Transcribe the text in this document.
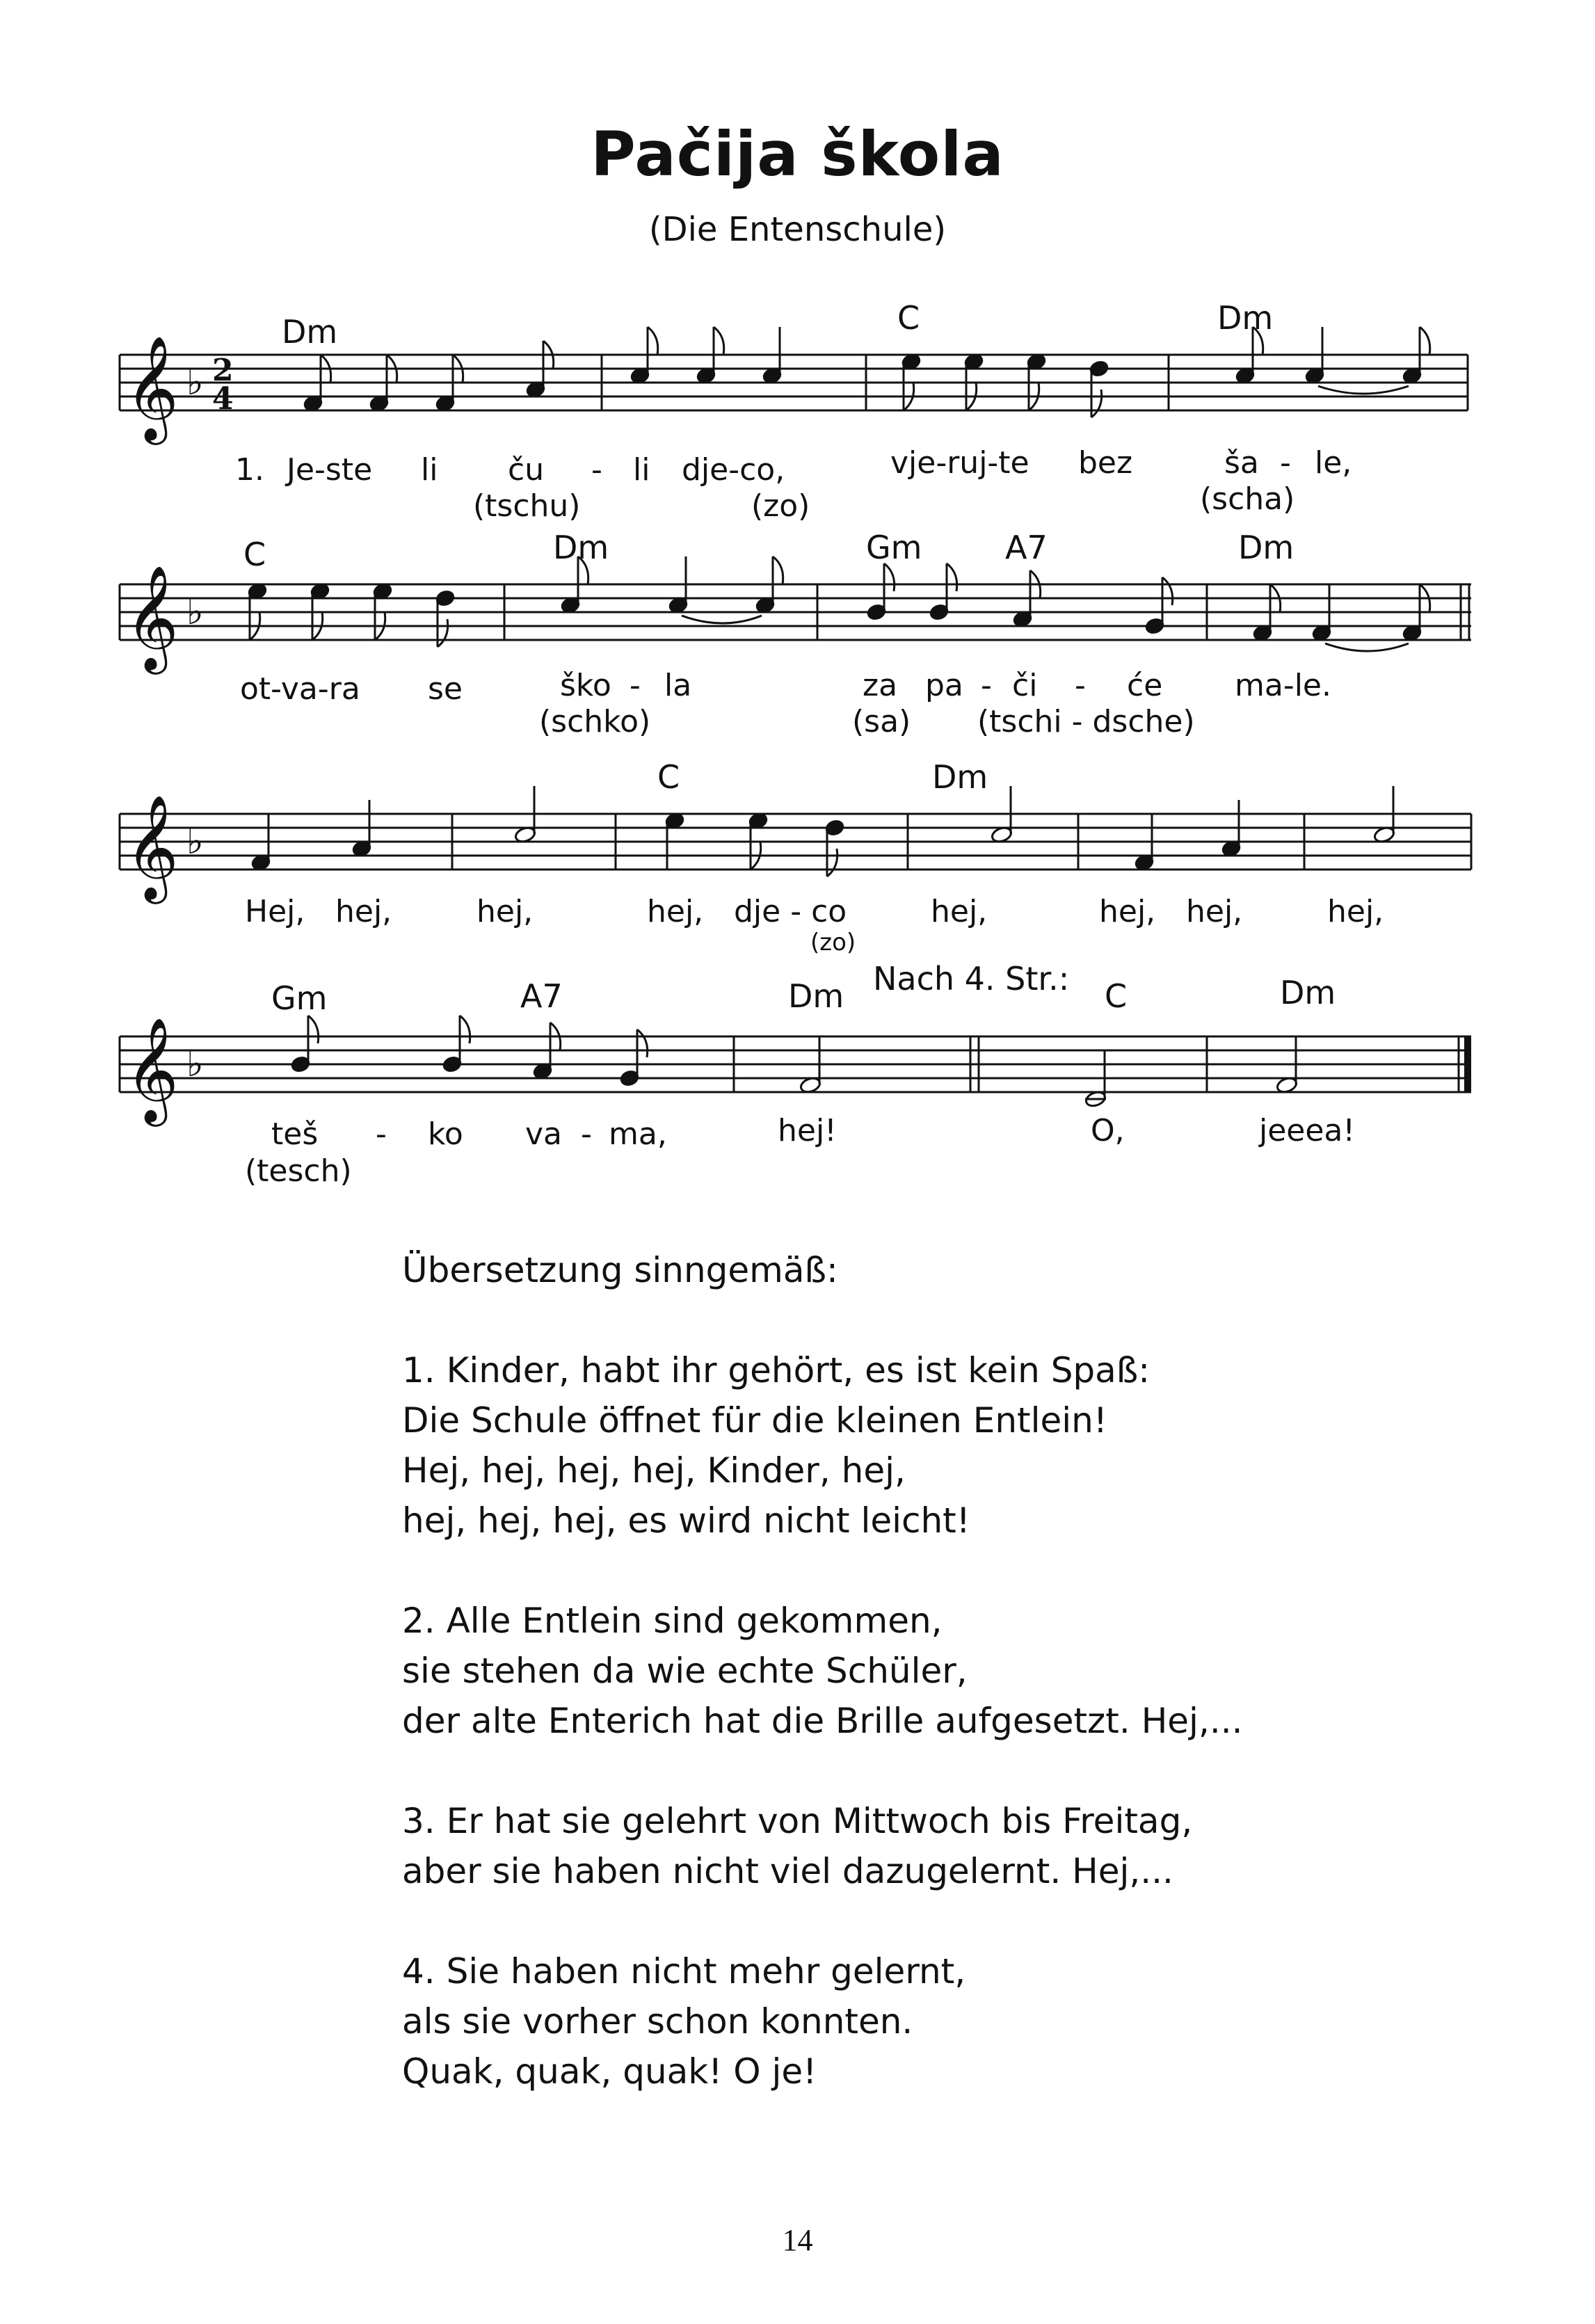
Pačija škola
(Die Entenschule)
𝄞 ♭ 2
4
Dm	C	Dm
1. Je-ste li ču - li dje-co,	vje-ruj-te bez	ša - le,
(tschu)	(zo)	(scha)
𝄞 ♭
C	Dm	Gm	A7	Dm
ot-va-ra se	ško - la	za pa - či - će ma-le.
(schko)	(sa) (tschi - dsche)
𝄞 ♭
C	Dm
Hej, hej,	hej,	hej, dje - co	hej,	hej, hej,	hej,
(zo)
Nach 4. Str.:
𝄞 ♭
Gm	A7	Dm	C	Dm
teš - ko va - ma,	hej!	O,	jeeea!
(tesch)
Übersetzung sinngemäß:
1. Kinder, habt ihr gehört, es ist kein Spaß:
Die Schule öffnet für die kleinen Entlein!
Hej, hej, hej, hej, Kinder, hej,
hej, hej, hej, es wird nicht leicht!
2. Alle Entlein sind gekommen,
sie stehen da wie echte Schüler,
der alte Enterich hat die Brille aufgesetzt. Hej,...
3. Er hat sie gelehrt von Mittwoch bis Freitag,
aber sie haben nicht viel dazugelernt. Hej,...
4. Sie haben nicht mehr gelernt,
als sie vorher schon konnten.
Quak, quak, quak! O je!
14
